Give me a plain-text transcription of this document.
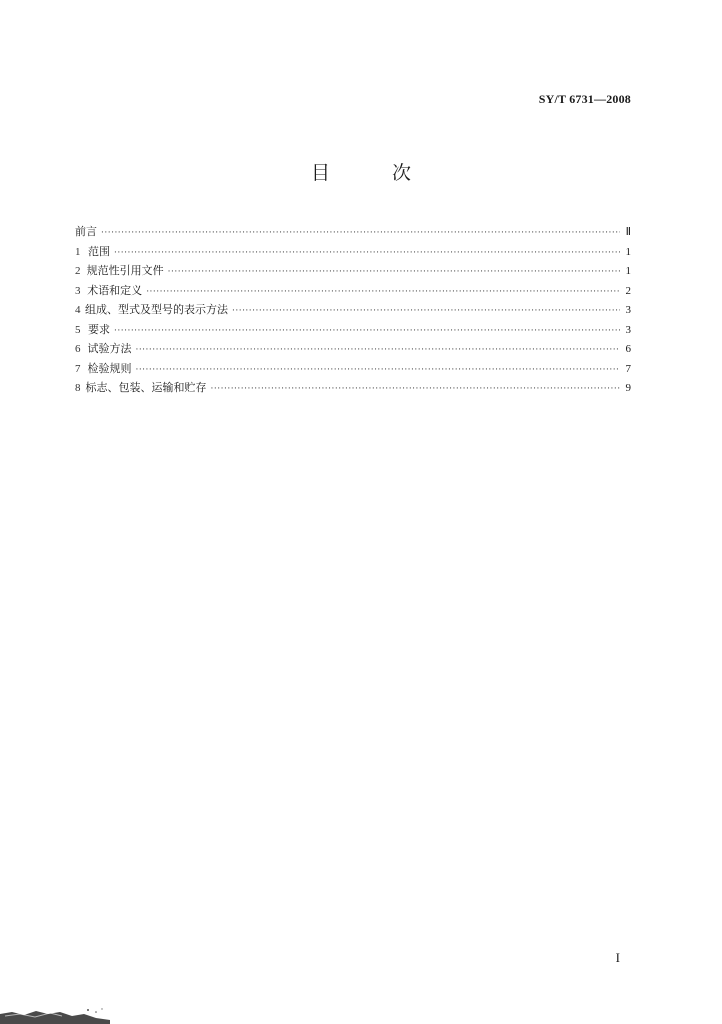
SY/T 6731—2008
目 次
前言 ·····	Ⅱ
1 范围 ·····	1
2 规范性引用文件 ·····	1
3 术语和定义 ·····	2
4 组成、型式及型号的表示方法 ·····	3
5 要求 ·····	3
6 试验方法 ·····	6
7 检验规则 ·····	7
8 标志、包装、运输和贮存 ·····	9
I
